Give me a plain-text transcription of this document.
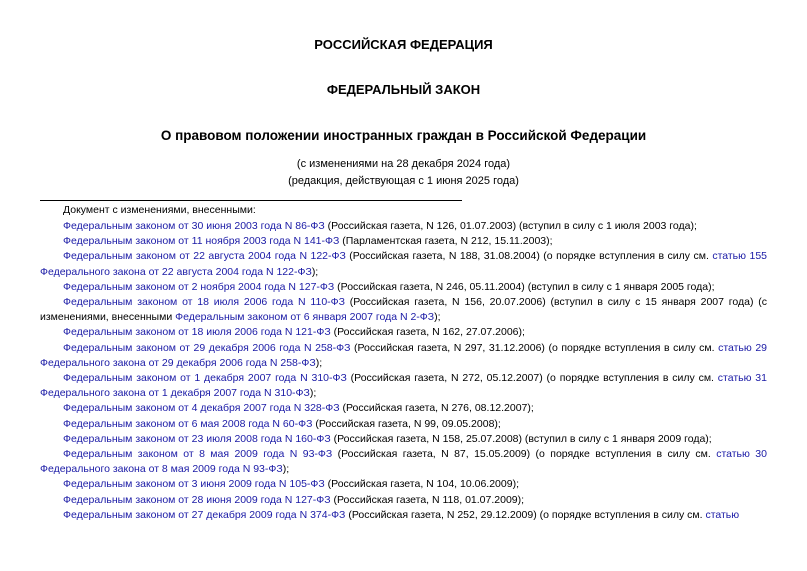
РОССИЙСКАЯ ФЕДЕРАЦИЯ
ФЕДЕРАЛЬНЫЙ ЗАКОН
О правовом положении иностранных граждан в Российской Федерации
(с изменениями на 28 декабря 2024 года)
(редакция, действующая с 1 июня 2025 года)
Документ с изменениями, внесенными:

Федеральным законом от 30 июня 2003 года N 86-ФЗ (Российская газета, N 126, 01.07.2003) (вступил в силу с 1 июля 2003 года);

Федеральным законом от 11 ноября 2003 года N 141-ФЗ (Парламентская газета, N 212, 15.11.2003);

Федеральным законом от 22 августа 2004 года N 122-ФЗ (Российская газета, N 188, 31.08.2004) (о порядке вступления в силу см. статью 155 Федерального закона от 22 августа 2004 года N 122-ФЗ);

Федеральным законом от 2 ноября 2004 года N 127-ФЗ (Российская газета, N 246, 05.11.2004) (вступил в силу с 1 января 2005 года);

Федеральным законом от 18 июля 2006 года N 110-ФЗ (Российская газета, N 156, 20.07.2006) (вступил в силу с 15 января 2007 года) (с изменениями, внесенными Федеральным законом от 6 января 2007 года N 2-ФЗ);

Федеральным законом от 18 июля 2006 года N 121-ФЗ (Российская газета, N 162, 27.07.2006);

Федеральным законом от 29 декабря 2006 года N 258-ФЗ (Российская газета, N 297, 31.12.2006) (о порядке вступления в силу см. статью 29 Федерального закона от 29 декабря 2006 года N 258-ФЗ);

Федеральным законом от 1 декабря 2007 года N 310-ФЗ (Российская газета, N 272, 05.12.2007) (о порядке вступления в силу см. статью 31 Федерального закона от 1 декабря 2007 года N 310-ФЗ);

Федеральным законом от 4 декабря 2007 года N 328-ФЗ (Российская газета, N 276, 08.12.2007);

Федеральным законом от 6 мая 2008 года N 60-ФЗ (Российская газета, N 99, 09.05.2008);

Федеральным законом от 23 июля 2008 года N 160-ФЗ (Российская газета, N 158, 25.07.2008) (вступил в силу с 1 января 2009 года);

Федеральным законом от 8 мая 2009 года N 93-ФЗ (Российская газета, N 87, 15.05.2009) (о порядке вступления в силу см. статью 30 Федерального закона от 8 мая 2009 года N 93-ФЗ);

Федеральным законом от 3 июня 2009 года N 105-ФЗ (Российская газета, N 104, 10.06.2009);

Федеральным законом от 28 июня 2009 года N 127-ФЗ (Российская газета, N 118, 01.07.2009);

Федеральным законом от 27 декабря 2009 года N 374-ФЗ (Российская газета, N 252, 29.12.2009) (о порядке вступления в силу см. статью
